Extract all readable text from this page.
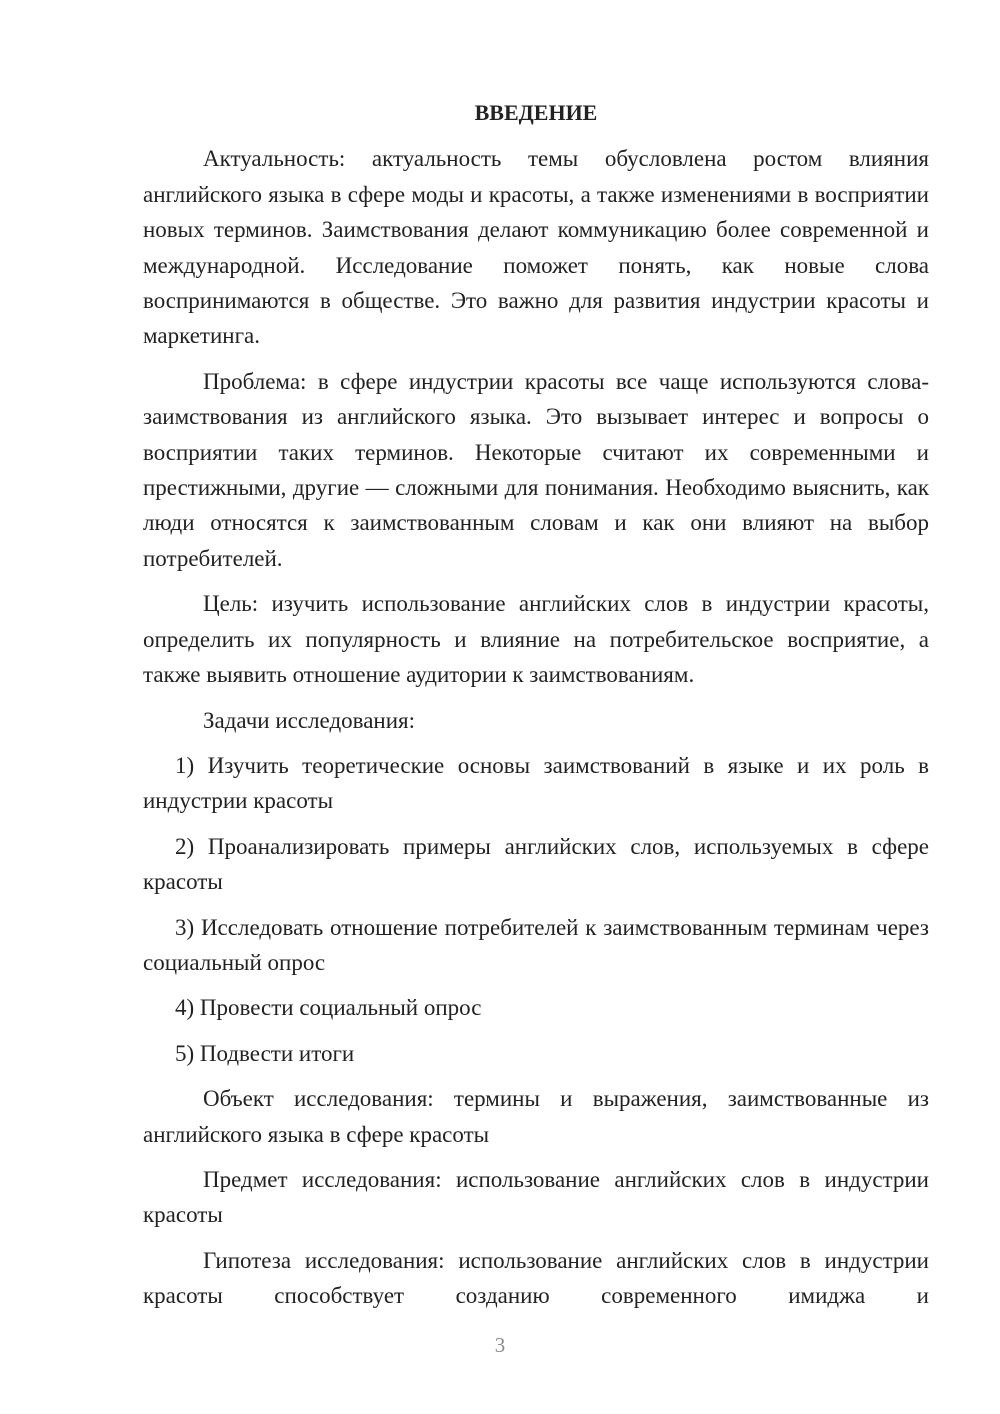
ВВЕДЕНИЕ

Актуальность: актуальность темы обусловлена ростом влияния английского языка в сфере моды и красоты, а также изменениями в восприятии новых терминов. Заимствования делают коммуникацию более современной и международной. Исследование поможет понять, как новые слова воспринимаются в обществе. Это важно для развития индустрии красоты и маркетинга.

Проблема: в сфере индустрии красоты все чаще используются слова-заимствования из английского языка. Это вызывает интерес и вопросы о восприятии таких терминов. Некоторые считают их современными и престижными, другие — сложными для понимания. Необходимо выяснить, как люди относятся к заимствованным словам и как они влияют на выбор потребителей.

Цель: изучить использование английских слов в индустрии красоты, определить их популярность и влияние на потребительское восприятие, а также выявить отношение аудитории к заимствованиям.

Задачи исследования:

1) Изучить теоретические основы заимствований в языке и их роль в индустрии красоты

2) Проанализировать примеры английских слов, используемых в сфере красоты

3) Исследовать отношение потребителей к заимствованным терминам через социальный опрос

4) Провести социальный опрос

5) Подвести итоги

Объект исследования: термины и выражения, заимствованные из английского языка в сфере красоты

Предмет исследования: использование английских слов в индустрии красоты

Гипотеза исследования: использование английских слов в индустрии красоты способствует созданию современного имиджа и

3
